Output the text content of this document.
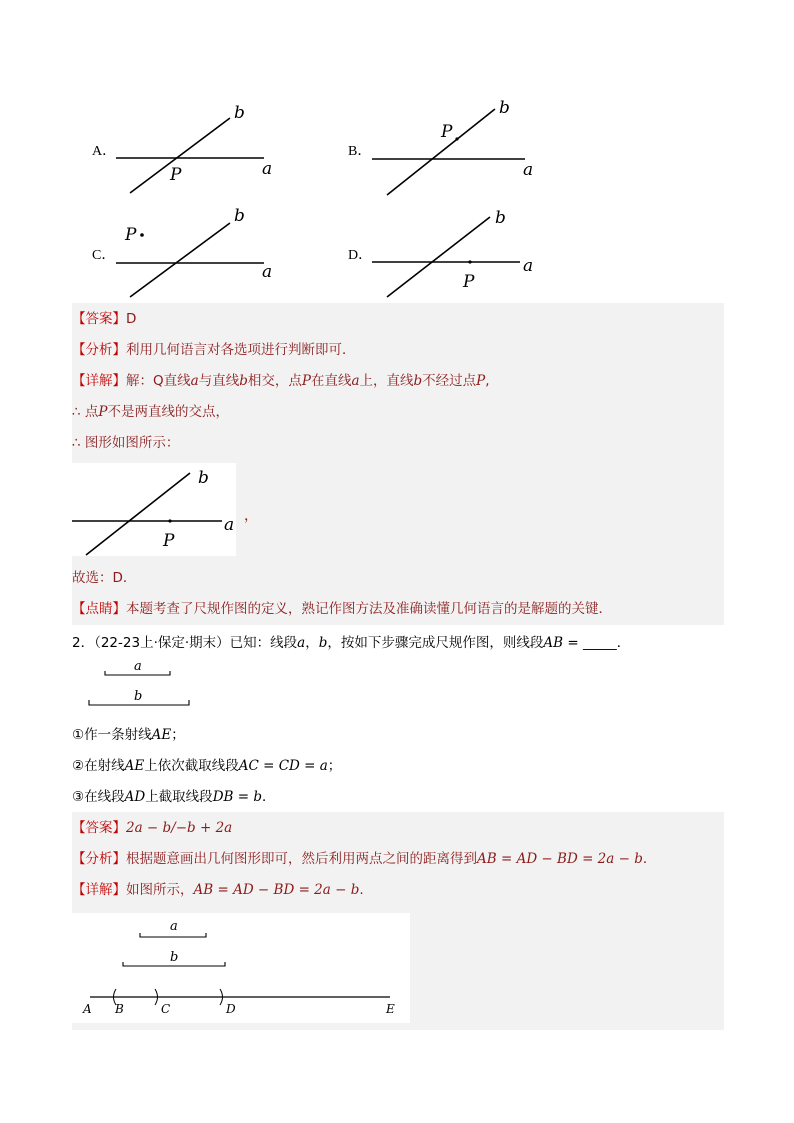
A．
b
a
P
B．
b
a
P
C．
b
a
P
D．
b
a
P
【答案】D
【分析】利用几何语言对各选项进行判断即可．
【详解】解：Q直线a与直线b相交，点P在直线a上，直线b不经过点P,
∴ 点P不是两直线的交点，
∴ 图形如图所示：
b
a
P
，
故选：D．
【点睛】本题考查了尺规作图的定义，熟记作图方法及准确读懂几何语言的是解题的关键．
2．（22-23上·保定·期末）已知：线段a，b，按如下步骤完成尺规作图，则线段AB = _____．
a
b
①作一条射线AE；
②在射线AE上依次截取线段AC = CD = a；
③在线段AD上截取线段DB = b．
【答案】2a − b/−b + 2a
【分析】根据题意画出几何图形即可，然后利用两点之间的距离得到AB = AD − BD = 2a − b．
【详解】如图所示，AB = AD − BD = 2a − b.
a
b
A B	C	D	E
